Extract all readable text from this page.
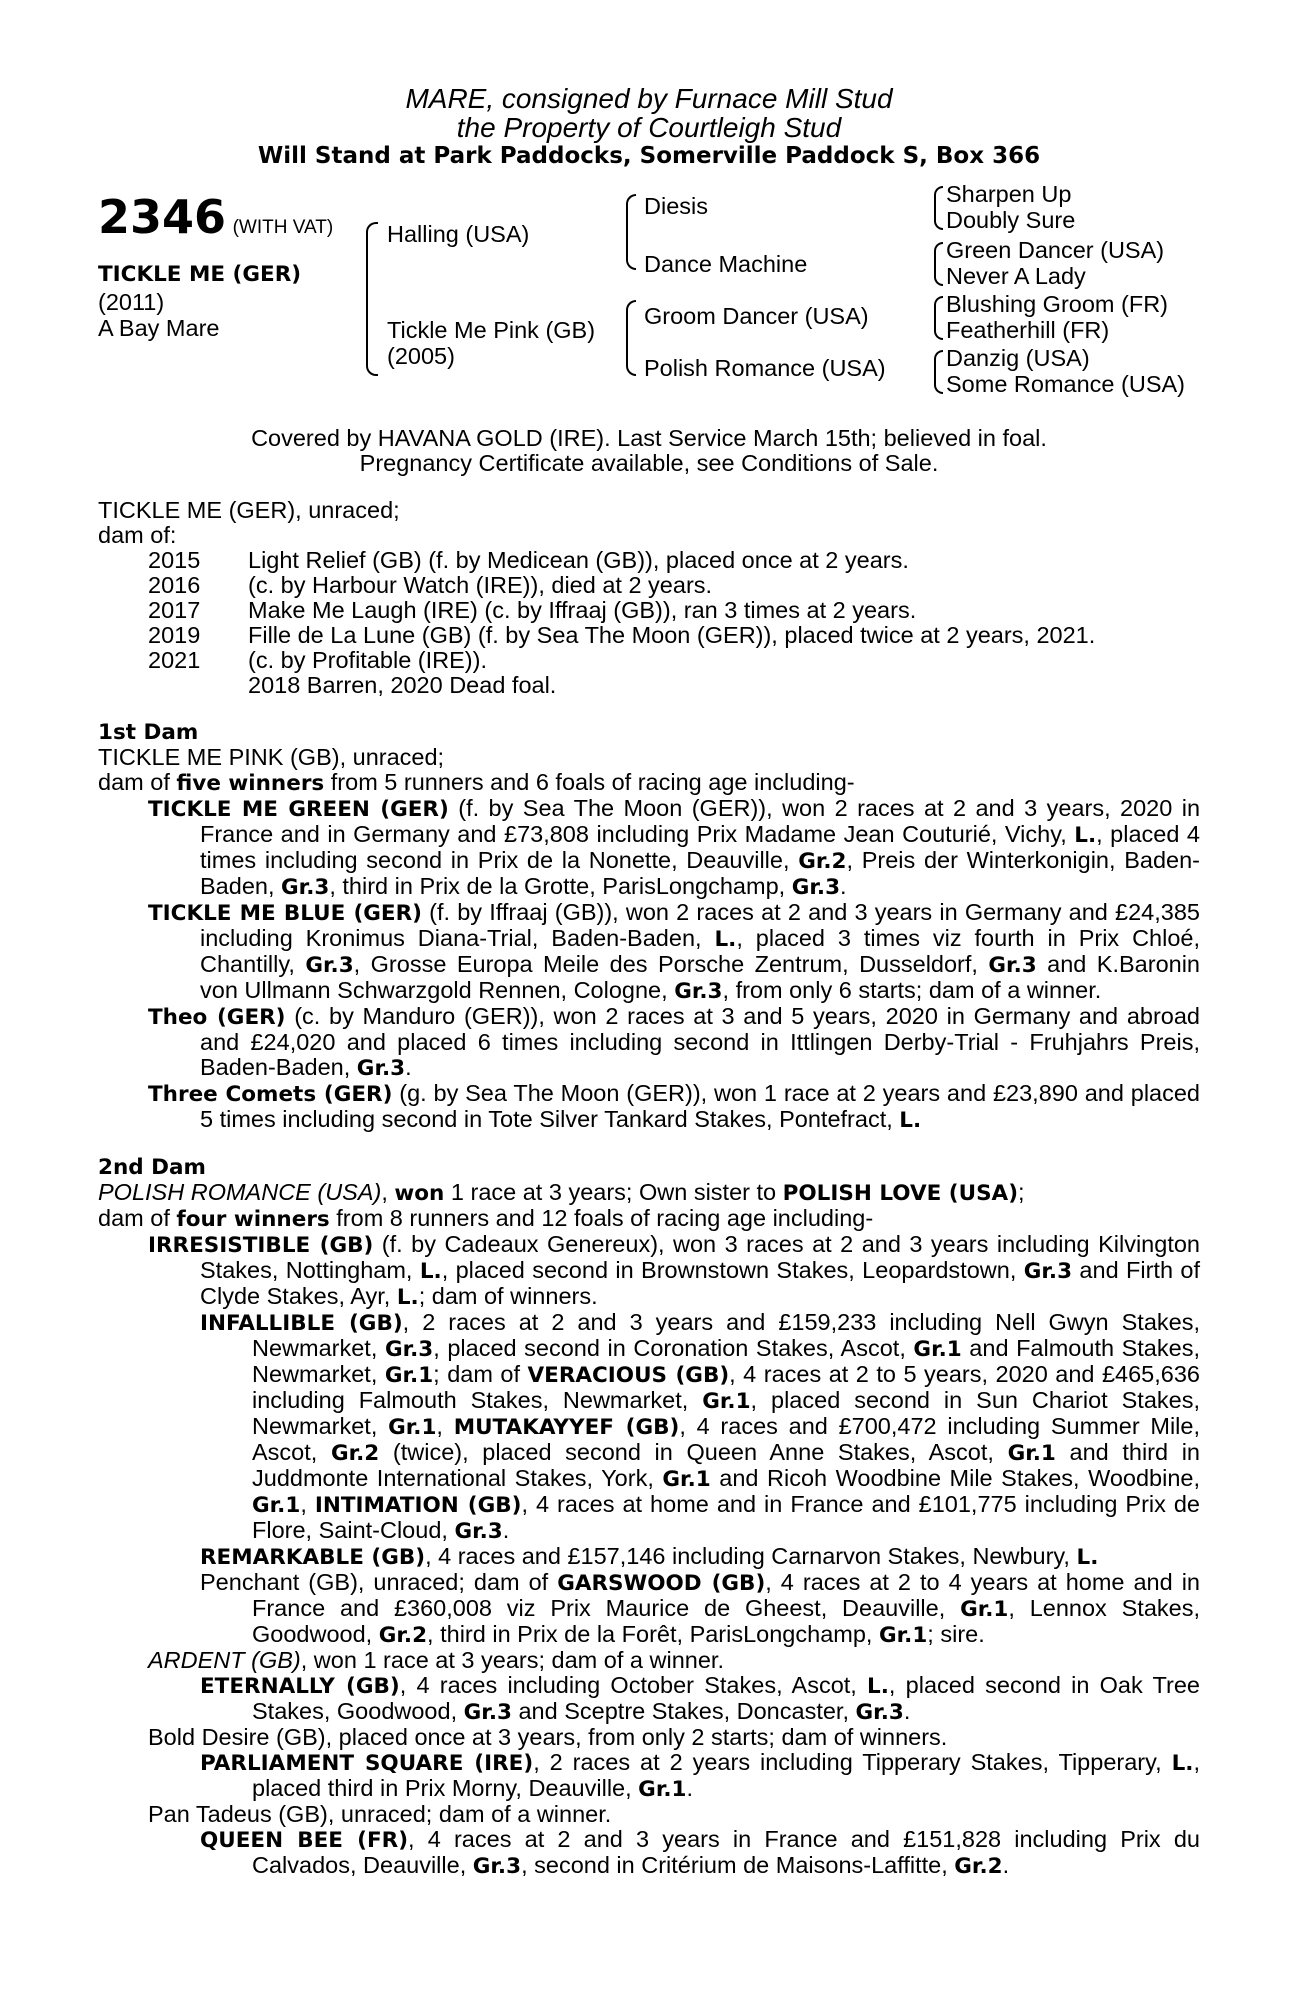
MARE, consigned by Furnace Mill Stud
the Property of Courtleigh Stud
Will Stand at Park Paddocks, Somerville Paddock S, Box 366
2346 (WITH VAT)
TICKLE ME (GER)
(2011)
A Bay Mare
Halling (USA)
Tickle Me Pink (GB)
(2005)
Diesis
Dance Machine
Groom Dancer (USA)
Polish Romance (USA)
Sharpen Up
Doubly Sure
Green Dancer (USA)
Never A Lady
Blushing Groom (FR)
Featherhill (FR)
Danzig (USA)
Some Romance (USA)
Covered by HAVANA GOLD (IRE). Last Service March 15th; believed in foal.
Pregnancy Certificate available, see Conditions of Sale.
TICKLE ME (GER), unraced;
dam of:
2015	Light Relief (GB) (f. by Medicean (GB)), placed once at 2 years.
2016	(c. by Harbour Watch (IRE)), died at 2 years.
2017	Make Me Laugh (IRE) (c. by Iffraaj (GB)), ran 3 times at 2 years.
2019	Fille de La Lune (GB) (f. by Sea The Moon (GER)), placed twice at 2 years, 2021.
2021	(c. by Profitable (IRE)).
2018 Barren, 2020 Dead foal.
1st Dam
TICKLE ME PINK (GB), unraced;
dam of five winners from 5 runners and 6 foals of racing age including-
TICKLE ME GREEN (GER) (f. by Sea The Moon (GER)), won 2 races at 2 and 3 years, 2020 in France and in Germany and £73,808 including Prix Madame Jean Couturié, Vichy, L., placed 4 times including second in Prix de la Nonette, Deauville, Gr.2, Preis der Winterkonigin, Baden-Baden, Gr.3, third in Prix de la Grotte, ParisLongchamp, Gr.3.
TICKLE ME BLUE (GER) (f. by Iffraaj (GB)), won 2 races at 2 and 3 years in Germany and £24,385 including Kronimus Diana-Trial, Baden-Baden, L., placed 3 times viz fourth in Prix Chloé, Chantilly, Gr.3, Grosse Europa Meile des Porsche Zentrum, Dusseldorf, Gr.3 and K.Baronin von Ullmann Schwarzgold Rennen, Cologne, Gr.3, from only 6 starts; dam of a winner.
Theo (GER) (c. by Manduro (GER)), won 2 races at 3 and 5 years, 2020 in Germany and abroad and £24,020 and placed 6 times including second in Ittlingen Derby-Trial - Fruhjahrs Preis, Baden-Baden, Gr.3.
Three Comets (GER) (g. by Sea The Moon (GER)), won 1 race at 2 years and £23,890 and placed 5 times including second in Tote Silver Tankard Stakes, Pontefract, L.
2nd Dam
POLISH ROMANCE (USA), won 1 race at 3 years; Own sister to POLISH LOVE (USA);
dam of four winners from 8 runners and 12 foals of racing age including-
IRRESISTIBLE (GB) (f. by Cadeaux Genereux), won 3 races at 2 and 3 years including Kilvington Stakes, Nottingham, L., placed second in Brownstown Stakes, Leopardstown, Gr.3 and Firth of Clyde Stakes, Ayr, L.; dam of winners.
INFALLIBLE (GB), 2 races at 2 and 3 years and £159,233 including Nell Gwyn Stakes, Newmarket, Gr.3, placed second in Coronation Stakes, Ascot, Gr.1 and Falmouth Stakes, Newmarket, Gr.1; dam of VERACIOUS (GB), 4 races at 2 to 5 years, 2020 and £465,636 including Falmouth Stakes, Newmarket, Gr.1, placed second in Sun Chariot Stakes, Newmarket, Gr.1, MUTAKAYYEF (GB), 4 races and £700,472 including Summer Mile, Ascot, Gr.2 (twice), placed second in Queen Anne Stakes, Ascot, Gr.1 and third in Juddmonte International Stakes, York, Gr.1 and Ricoh Woodbine Mile Stakes, Woodbine, Gr.1, INTIMATION (GB), 4 races at home and in France and £101,775 including Prix de Flore, Saint-Cloud, Gr.3.
REMARKABLE (GB), 4 races and £157,146 including Carnarvon Stakes, Newbury, L.
Penchant (GB), unraced; dam of GARSWOOD (GB), 4 races at 2 to 4 years at home and in France and £360,008 viz Prix Maurice de Gheest, Deauville, Gr.1, Lennox Stakes, Goodwood, Gr.2, third in Prix de la Forêt, ParisLongchamp, Gr.1; sire.
ARDENT (GB), won 1 race at 3 years; dam of a winner.
ETERNALLY (GB), 4 races including October Stakes, Ascot, L., placed second in Oak Tree Stakes, Goodwood, Gr.3 and Sceptre Stakes, Doncaster, Gr.3.
Bold Desire (GB), placed once at 3 years, from only 2 starts; dam of winners.
PARLIAMENT SQUARE (IRE), 2 races at 2 years including Tipperary Stakes, Tipperary, L., placed third in Prix Morny, Deauville, Gr.1.
Pan Tadeus (GB), unraced; dam of a winner.
QUEEN BEE (FR), 4 races at 2 and 3 years in France and £151,828 including Prix du Calvados, Deauville, Gr.3, second in Critérium de Maisons-Laffitte, Gr.2.
